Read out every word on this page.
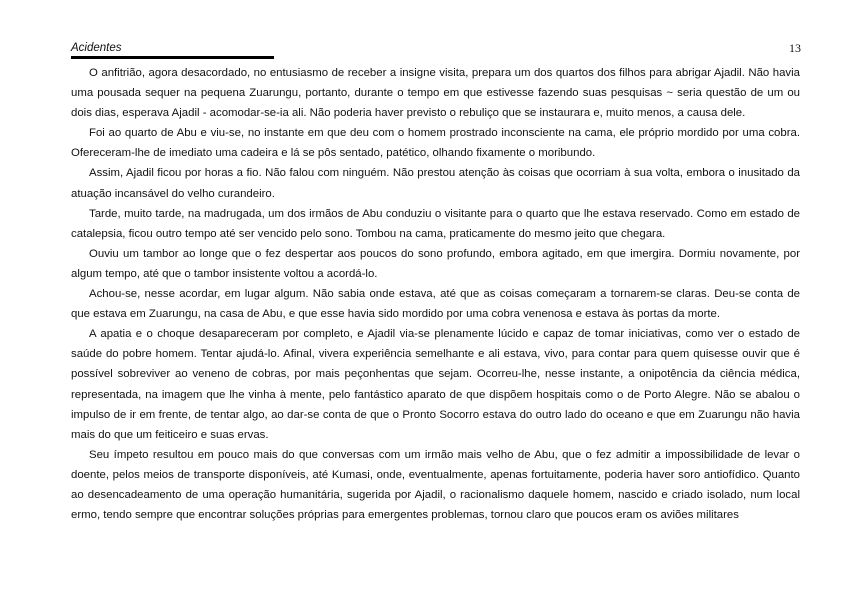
Acidentes	13

O anfitrião, agora desacordado, no entusiasmo de receber a insigne visita, prepara um dos quartos dos filhos para abrigar Ajadil. Não havia uma pousada sequer na pequena Zuarungu, portanto, durante o tempo em que estivesse fazendo suas pesquisas ~ seria questão de um ou dois dias, esperava Ajadil - acomodar-se-ia ali. Não poderia haver previsto o rebuliço que se instaurara e, muito menos, a causa dele.

Foi ao quarto de Abu e viu-se, no instante em que deu com o homem prostrado inconsciente na cama, ele próprio mordido por uma cobra. Ofereceram-lhe de imediato uma cadeira e lá se pôs sentado, patético, olhando fixamente o moribundo.

Assim, Ajadil ficou por horas a fio. Não falou com ninguém. Não prestou atenção às coisas que ocorriam à sua volta, embora o inusitado da atuação incansável do velho curandeiro.

Tarde, muito tarde, na madrugada, um dos irmãos de Abu conduziu o visitante para o quarto que lhe estava reservado. Como em estado de catalepsia, ficou outro tempo até ser vencido pelo sono. Tombou na cama, praticamente do mesmo jeito que chegara.

Ouviu um tambor ao longe que o fez despertar aos poucos do sono profundo, embora agitado, em que imergira. Dormiu novamente, por algum tempo, até que o tambor insistente voltou a acordá-lo.

Achou-se, nesse acordar, em lugar algum. Não sabia onde estava, até que as coisas começaram a tornarem-se claras. Deu-se conta de que estava em Zuarungu, na casa de Abu, e que esse havia sido mordido por uma cobra venenosa e estava às portas da morte.

A apatia e o choque desapareceram por completo, e Ajadil via-se plenamente lúcido e capaz de tomar iniciativas, como ver o estado de saúde do pobre homem. Tentar ajudá-lo. Afinal, vivera experiência semelhante e ali estava, vivo, para contar para quem quisesse ouvir que é possível sobreviver ao veneno de cobras, por mais peçonhentas que sejam. Ocorreu-lhe, nesse instante, a onipotência da ciência médica, representada, na imagem que lhe vinha à mente, pelo fantástico aparato de que dispõem hospitais como o de Porto Alegre. Não se abalou o impulso de ir em frente, de tentar algo, ao dar-se conta de que o Pronto Socorro estava do outro lado do oceano e que em Zuarungu não havia mais do que um feiticeiro e suas ervas.

Seu ímpeto resultou em pouco mais do que conversas com um irmão mais velho de Abu, que o fez admitir a impossibilidade de levar o doente, pelos meios de transporte disponíveis, até Kumasi, onde, eventualmente, apenas fortuitamente, poderia haver soro antiofídico. Quanto ao desencadeamento de uma operação humanitária, sugerida por Ajadil, o racionalismo daquele homem, nascido e criado isolado, num local ermo, tendo sempre que encontrar soluções próprias para emergentes problemas, tornou claro que poucos eram os aviões militares
